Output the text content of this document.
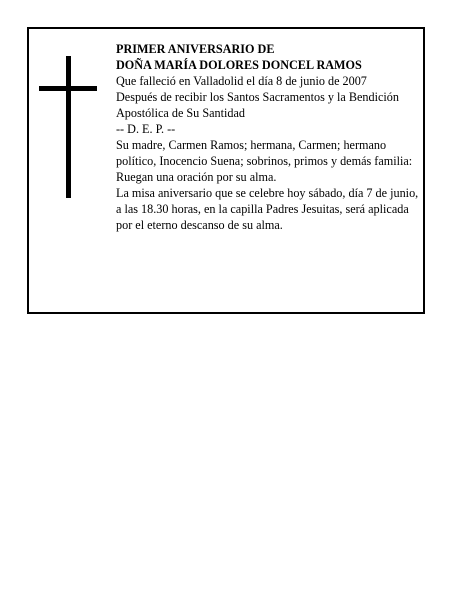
PRIMER ANIVERSARIO DE
DOÑA MARÍA DOLORES DONCEL RAMOS
Que falleció en Valladolid el día 8 de junio de 2007
Después de recibir los Santos Sacramentos y la Bendición Apostólica de Su Santidad
-- D. E. P. --
Su madre, Carmen Ramos; hermana, Carmen; hermano político, Inocencio Suena; sobrinos, primos y demás familia:
Ruegan una oración por su alma.
La misa aniversario que se celebre hoy sábado, día 7 de junio, a las 18.30 horas, en la capilla Padres Jesuitas, será aplicada por el eterno descanso de su alma.
